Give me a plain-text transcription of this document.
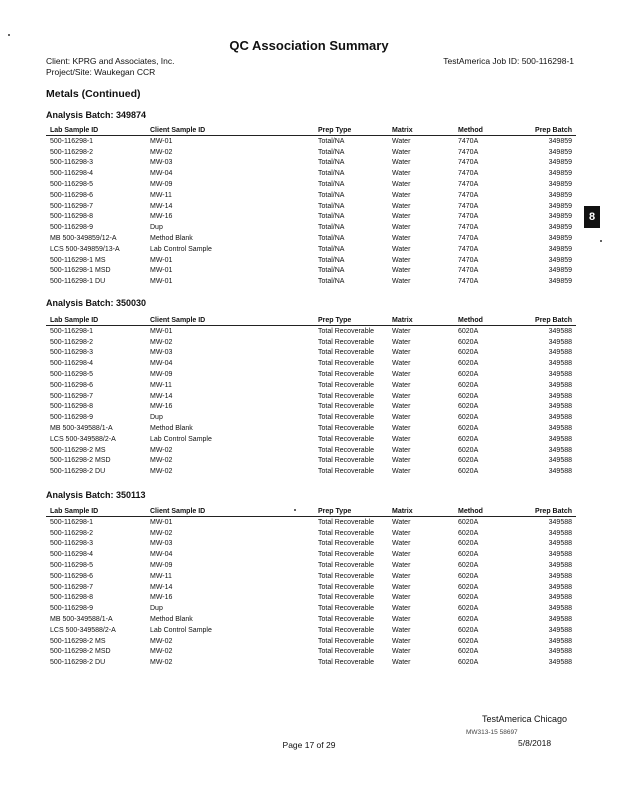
QC Association Summary
Client: KPRG and Associates, Inc.
Project/Site: Waukegan CCR
TestAmerica Job ID: 500-116298-1
Metals (Continued)
8
Analysis Batch: 349874
Lab Sample ID	Client Sample ID	Prep Type	Matrix	Method	Prep Batch
500-116298-1	MW-01	Total/NA	Water	7470A	349859
500-116298-2	MW-02	Total/NA	Water	7470A	349859
500-116298-3	MW-03	Total/NA	Water	7470A	349859
500-116298-4	MW-04	Total/NA	Water	7470A	349859
500-116298-5	MW-09	Total/NA	Water	7470A	349859
500-116298-6	MW-11	Total/NA	Water	7470A	349859
500-116298-7	MW-14	Total/NA	Water	7470A	349859
500-116298-8	MW-16	Total/NA	Water	7470A	349859
500-116298-9	Dup	Total/NA	Water	7470A	349859
MB 500-349859/12-A	Method Blank	Total/NA	Water	7470A	349859
LCS 500-349859/13-A	Lab Control Sample	Total/NA	Water	7470A	349859
500-116298-1 MS	MW-01	Total/NA	Water	7470A	349859
500-116298-1 MSD	MW-01	Total/NA	Water	7470A	349859
500-116298-1 DU	MW-01	Total/NA	Water	7470A	349859
Analysis Batch: 350030
Lab Sample ID	Client Sample ID	Prep Type	Matrix	Method	Prep Batch
500-116298-1	MW-01	Total Recoverable	Water	6020A	349588
500-116298-2	MW-02	Total Recoverable	Water	6020A	349588
500-116298-3	MW-03	Total Recoverable	Water	6020A	349588
500-116298-4	MW-04	Total Recoverable	Water	6020A	349588
500-116298-5	MW-09	Total Recoverable	Water	6020A	349588
500-116298-6	MW-11	Total Recoverable	Water	6020A	349588
500-116298-7	MW-14	Total Recoverable	Water	6020A	349588
500-116298-8	MW-16	Total Recoverable	Water	6020A	349588
500-116298-9	Dup	Total Recoverable	Water	6020A	349588
MB 500-349588/1-A	Method Blank	Total Recoverable	Water	6020A	349588
LCS 500-349588/2-A	Lab Control Sample	Total Recoverable	Water	6020A	349588
500-116298-2 MS	MW-02	Total Recoverable	Water	6020A	349588
500-116298-2 MSD	MW-02	Total Recoverable	Water	6020A	349588
500-116298-2 DU	MW-02	Total Recoverable	Water	6020A	349588
Analysis Batch: 350113
Lab Sample ID	Client Sample ID	Prep Type	Matrix	Method	Prep Batch
500-116298-1	MW-01	Total Recoverable	Water	6020A	349588
500-116298-2	MW-02	Total Recoverable	Water	6020A	349588
500-116298-3	MW-03	Total Recoverable	Water	6020A	349588
500-116298-4	MW-04	Total Recoverable	Water	6020A	349588
500-116298-5	MW-09	Total Recoverable	Water	6020A	349588
500-116298-6	MW-11	Total Recoverable	Water	6020A	349588
500-116298-7	MW-14	Total Recoverable	Water	6020A	349588
500-116298-8	MW-16	Total Recoverable	Water	6020A	349588
500-116298-9	Dup	Total Recoverable	Water	6020A	349588
MB 500-349588/1-A	Method Blank	Total Recoverable	Water	6020A	349588
LCS 500-349588/2-A	Lab Control Sample	Total Recoverable	Water	6020A	349588
500-116298-2 MS	MW-02	Total Recoverable	Water	6020A	349588
500-116298-2 MSD	MW-02	Total Recoverable	Water	6020A	349588
500-116298-2 DU	MW-02	Total Recoverable	Water	6020A	349588
TestAmerica Chicago
MW313-15 58697
Page 17 of 29	5/8/2018
